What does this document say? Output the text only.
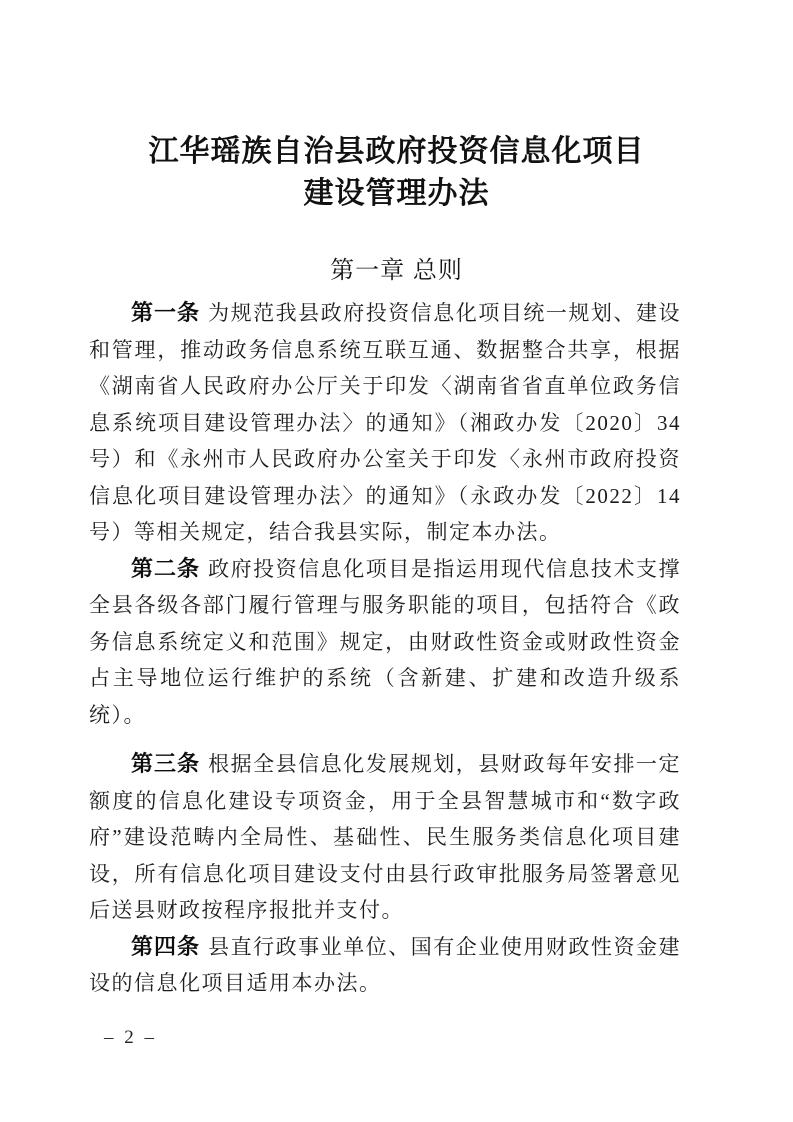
江华瑶族自治县政府投资信息化项目
建设管理办法
第一章 总则

第一条 为规范我县政府投资信息化项目统一规划、建设和管理，推动政务信息系统互联互通、数据整合共享，根据《湖南省人民政府办公厅关于印发〈湖南省省直单位政务信息系统项目建设管理办法〉的通知》（湘政办发〔2020〕34号）和《永州市人民政府办公室关于印发〈永州市政府投资信息化项目建设管理办法〉的通知》（永政办发〔2022〕14号）等相关规定，结合我县实际，制定本办法。

第二条 政府投资信息化项目是指运用现代信息技术支撑全县各级各部门履行管理与服务职能的项目，包括符合《政务信息系统定义和范围》规定，由财政性资金或财政性资金占主导地位运行维护的系统（含新建、扩建和改造升级系统）。

第三条 根据全县信息化发展规划，县财政每年安排一定额度的信息化建设专项资金，用于全县智慧城市和“数字政府”建设范畴内全局性、基础性、民生服务类信息化项目建设，所有信息化项目建设支付由县行政审批服务局签署意见后送县财政按程序报批并支付。

第四条 县直行政事业单位、国有企业使用财政性资金建设的信息化项目适用本办法。

– 2 –
